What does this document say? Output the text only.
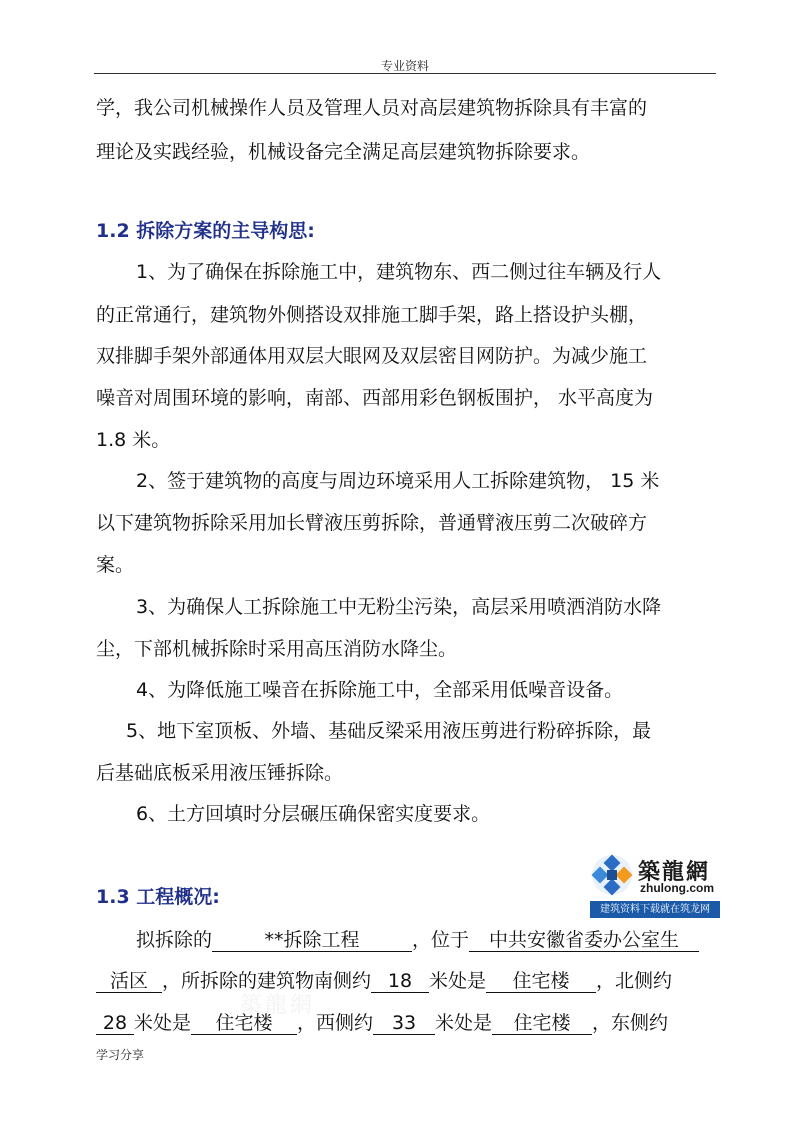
专业资料
学，我公司机械操作人员及管理人员对高层建筑物拆除具有丰富的
理论及实践经验，机械设备完全满足高层建筑物拆除要求。
1.2 拆除方案的主导构思:
1、为了确保在拆除施工中，建筑物东、西二侧过往车辆及行人
的正常通行，建筑物外侧搭设双排施工脚手架，路上搭设护头棚，
双排脚手架外部通体用双层大眼网及双层密目网防护。为减少施工
噪音对周围环境的影响，南部、西部用彩色钢板围护， 水平高度为
1.8 米。
2、签于建筑物的高度与周边环境采用人工拆除建筑物， 15 米
以下建筑物拆除采用加长臂液压剪拆除，普通臂液压剪二次破碎方
案。
3、为确保人工拆除施工中无粉尘污染，高层采用喷洒消防水降
尘，下部机械拆除时采用高压消防水降尘。
4、为降低施工噪音在拆除施工中，全部采用低噪音设备。
5、地下室顶板、外墙、基础反梁采用液压剪进行粉碎拆除，最
后基础底板采用液压锤拆除。
6、土方回填时分层碾压确保密实度要求。
1.3 工程概况:
拟拆除的	**拆除工程	，位于 中共安徽省委办公室生
活区 ，所拆除的建筑物南侧约 18 米处是 住宅楼 ，北侧约
28 米处是 住宅楼 ，西侧约 33 米处是 住宅楼 ，东侧约
築龍網
zhulong.com
建筑资料下载就在筑龙网
築龍網
学习分享
